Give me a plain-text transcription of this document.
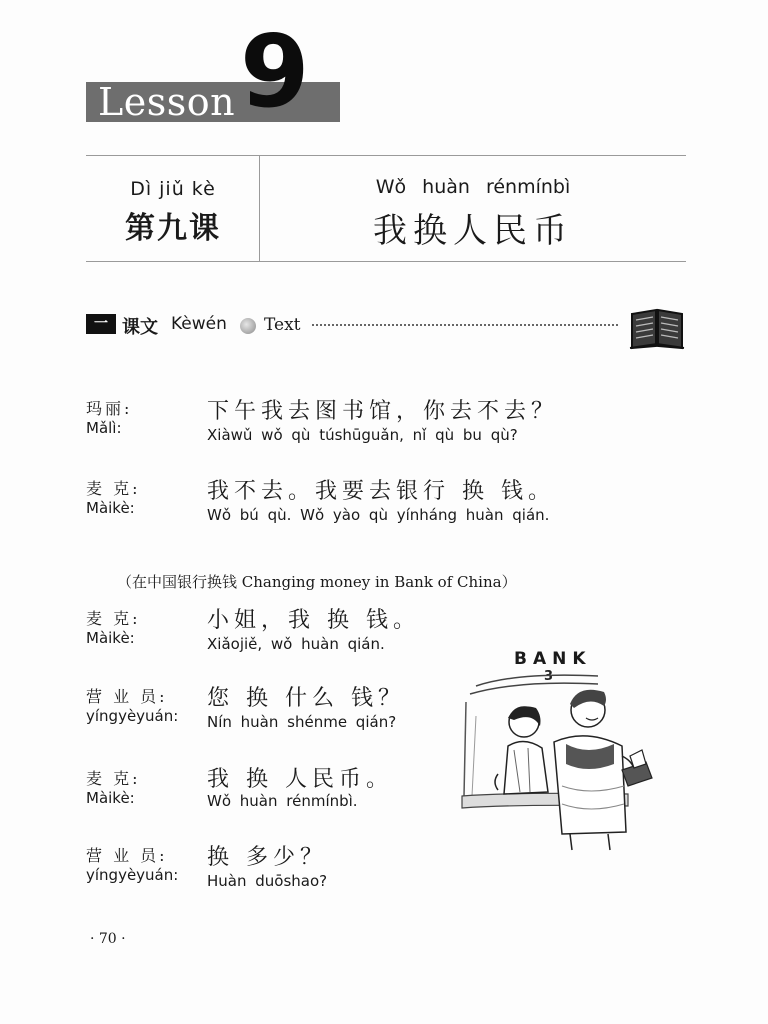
Lesson 9
Dì jiǔ kè
第九课
Wǒ huàn rénmínbì
我换人民币
一 课文 Kèwén Text
玛丽:
Mǎlì:
下午我去图书馆，你去不去？
Xiàwǔ wǒ qù túshūguǎn, nǐ qù bu qù?
麦 克:
Màikè:
我不去。我要去银行 换 钱。
Wǒ bú qù. Wǒ yào qù yínháng huàn qián.
（在中国银行换钱 Changing money in Bank of China）
麦 克:
Màikè:
小姐，我 换 钱。
Xiǎojiě, wǒ huàn qián.
营 业 员:
yíngyèyuán:
您 换 什么 钱？
Nín huàn shénme qián?
麦 克:
Màikè:
我 换 人民币。
Wǒ huàn rénmínbì.
营 业 员:
yíngyèyuán:
换 多少？
Huàn duōshao?
BANK
3
· 70 ·
